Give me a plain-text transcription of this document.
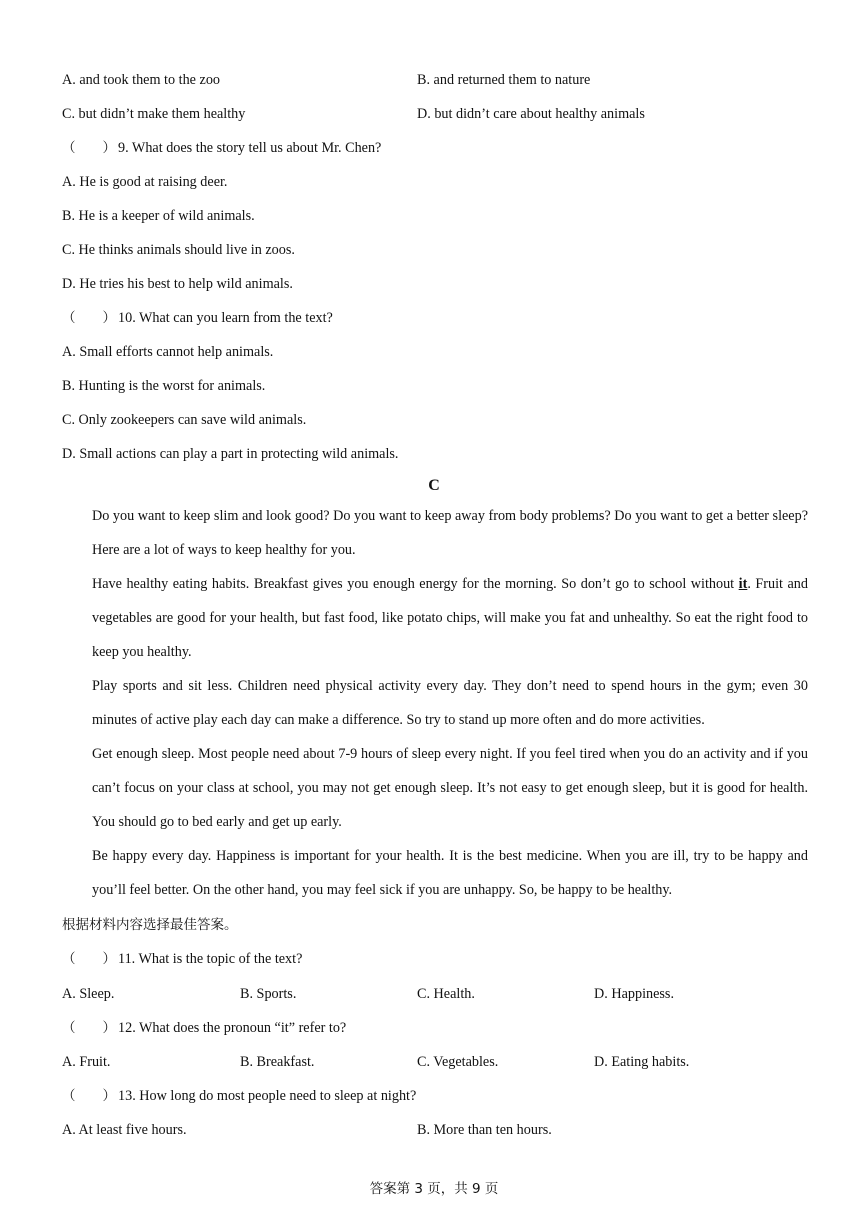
A. and took them to the zoo	B. and returned them to nature
C. but didn’t make them healthy	D. but didn’t care about healthy animals
（　　） 9. What does the story tell us about Mr. Chen?
A. He is good at raising deer.
B. He is a keeper of wild animals.
C. He thinks animals should live in zoos.
D. He tries his best to help wild animals.
（　　） 10. What can you learn from the text?
A. Small efforts cannot help animals.
B. Hunting is the worst for animals.
C. Only zookeepers can save wild animals.
D. Small actions can play a part in protecting wild animals.
C
Do you want to keep slim and look good? Do you want to keep away from body problems? Do you want to get a better sleep? Here are a lot of ways to keep healthy for you.
Have healthy eating habits. Breakfast gives you enough energy for the morning. So don’t go to school without it. Fruit and vegetables are good for your health, but fast food, like potato chips, will make you fat and unhealthy. So eat the right food to keep you healthy.
Play sports and sit less. Children need physical activity every day. They don’t need to spend hours in the gym; even 30 minutes of active play each day can make a difference. So try to stand up more often and do more activities.
Get enough sleep. Most people need about 7-9 hours of sleep every night. If you feel tired when you do an activity and if you can’t focus on your class at school, you may not get enough sleep. It’s not easy to get enough sleep, but it is good for health. You should go to bed early and get up early.
Be happy every day. Happiness is important for your health. It is the best medicine. When you are ill, try to be happy and you’ll feel better. On the other hand, you may feel sick if you are unhappy. So, be happy to be healthy.
根据材料内容选择最佳答案。
（　　） 11. What is the topic of the text?
A. Sleep.	B. Sports.	C. Health.	D. Happiness.
（　　） 12. What does the pronoun “it” refer to?
A. Fruit.	B. Breakfast.	C. Vegetables.	D. Eating habits.
（　　） 13. How long do most people need to sleep at night?
A. At least five hours.	B. More than ten hours.
答案第 3 页，共 9 页
